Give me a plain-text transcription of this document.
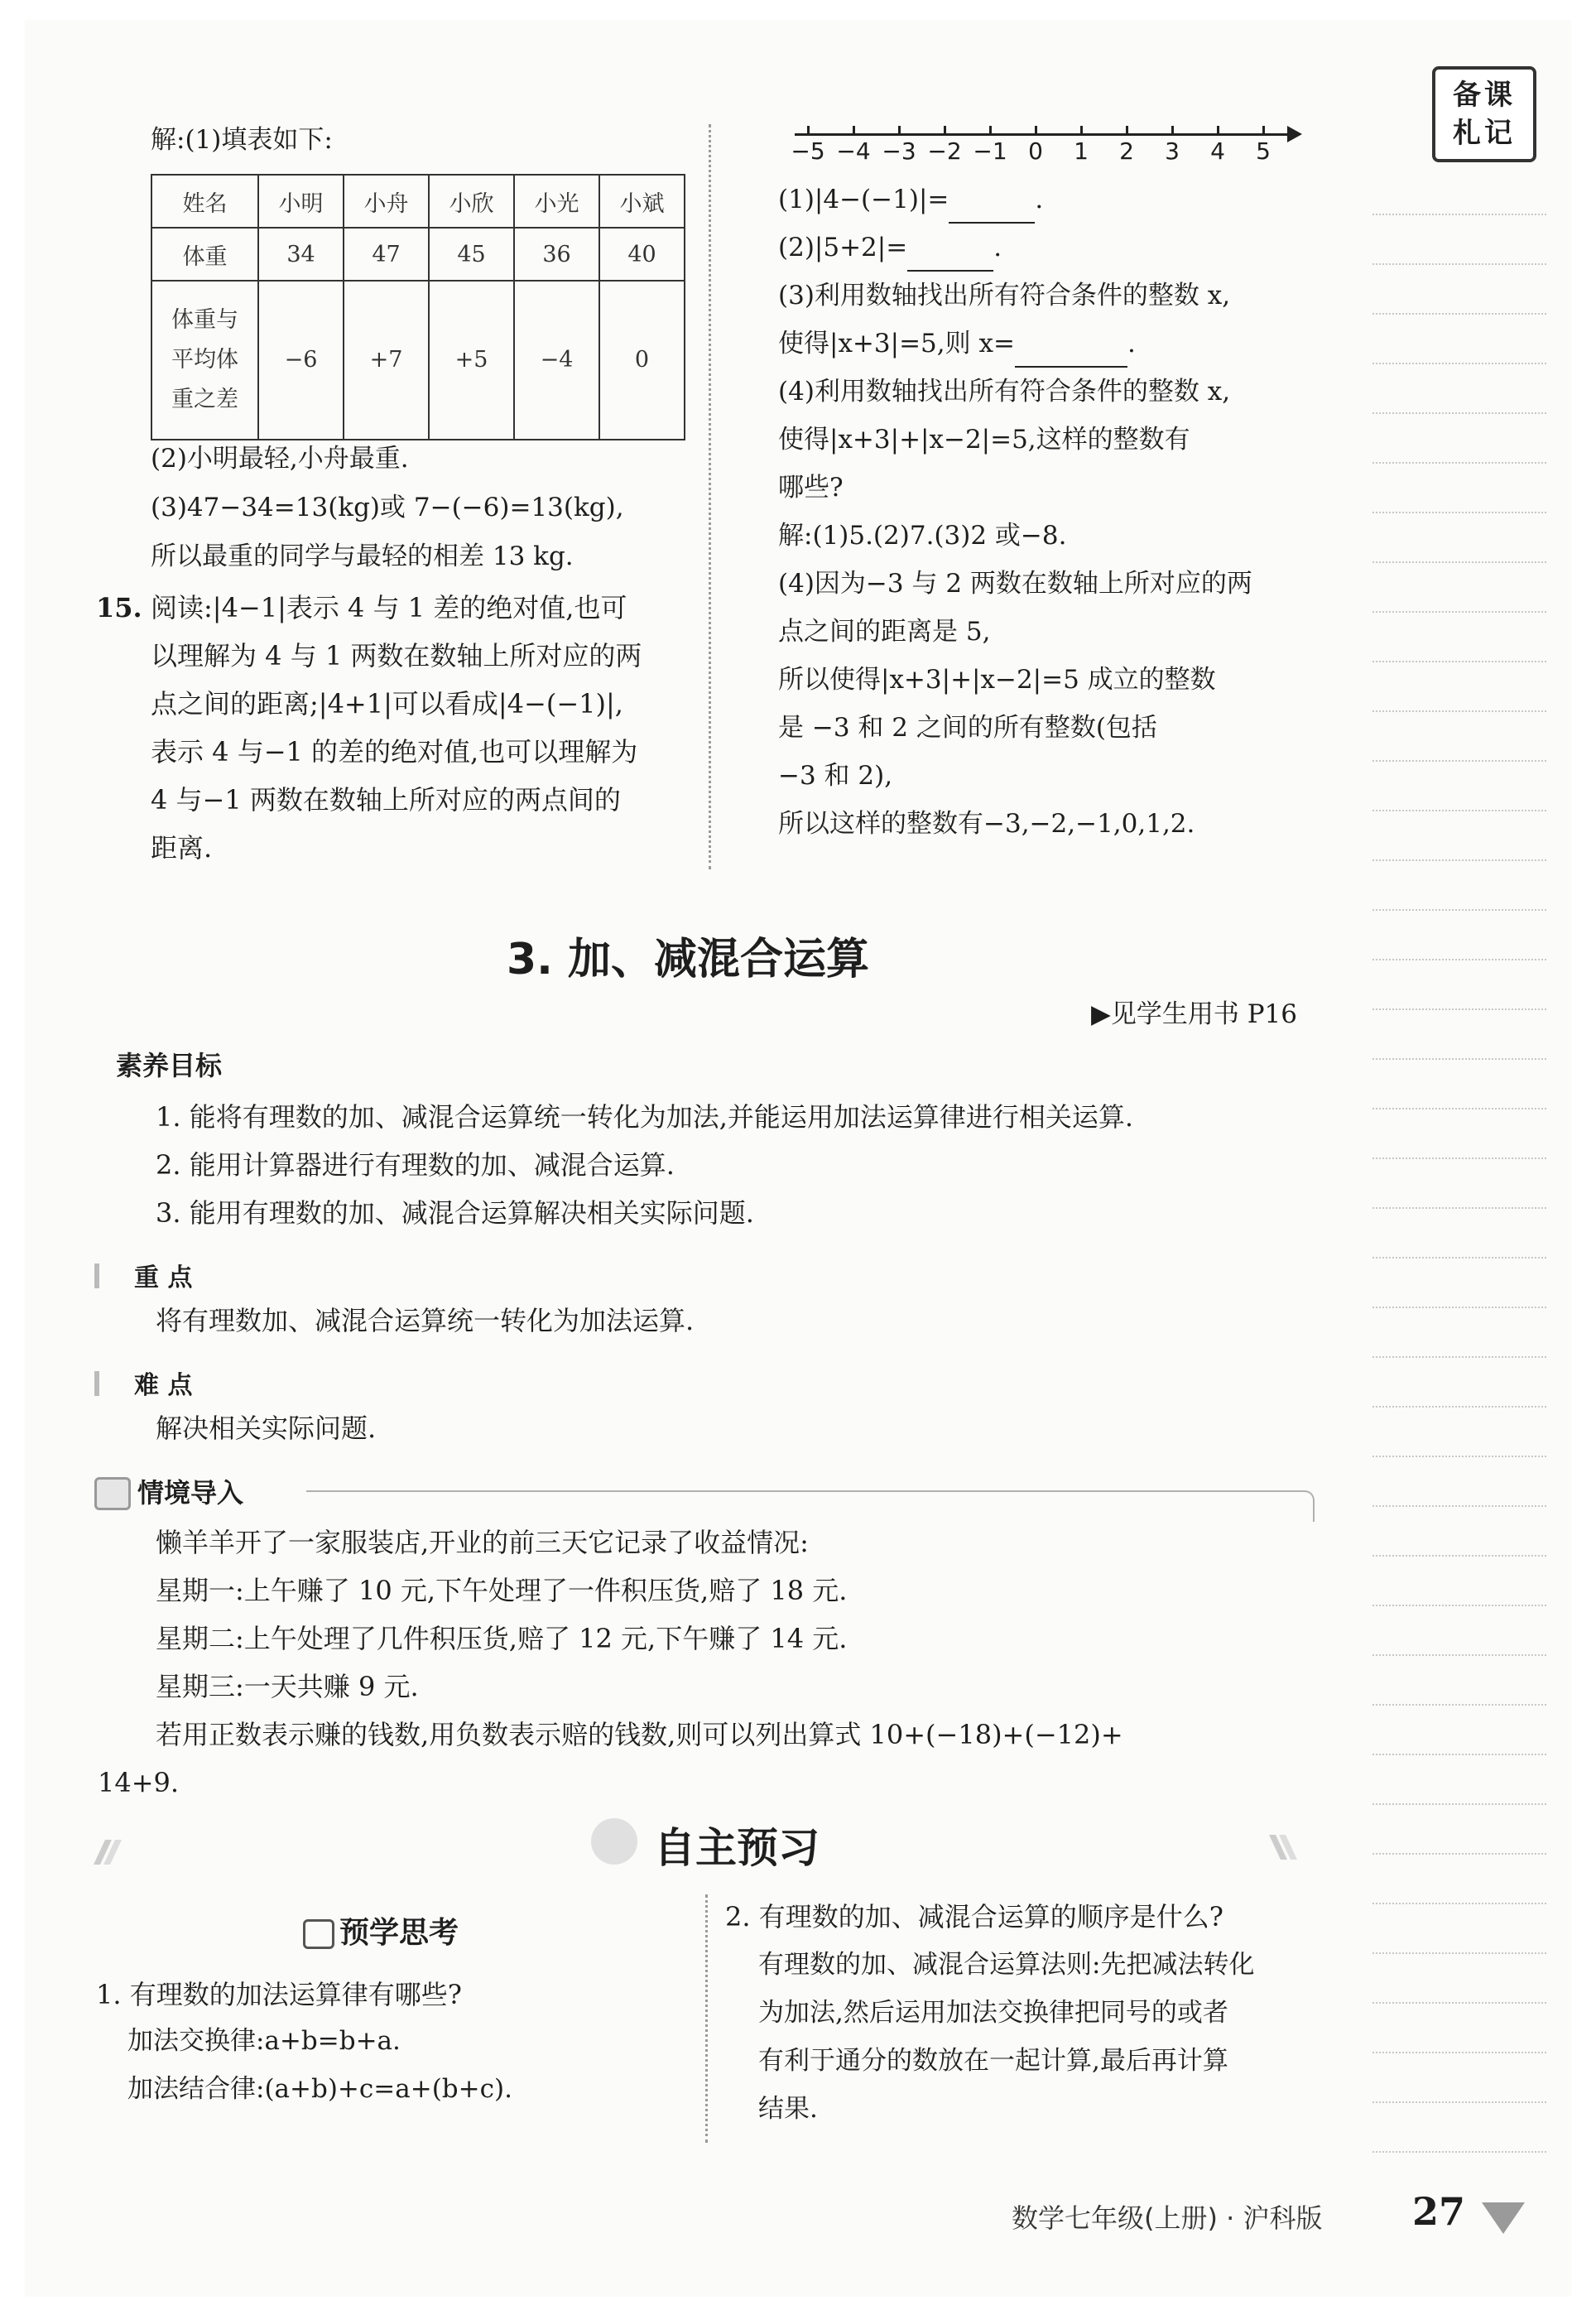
备课
札记
解:(1)填表如下:
姓名	小明	小舟	小欣	小光	小斌
体重	34	47	45	36	40

体重与
平均体
重之差	−6	+7	+5	−4	0
(2)小明最轻,小舟最重.
(3)47−34=13(kg)或 7−(−6)=13(kg),
所以最重的同学与最轻的相差 13 kg.
15. 阅读:|4−1|表示 4 与 1 差的绝对值,也可
以理解为 4 与 1 两数在数轴上所对应的两
点之间的距离;|4+1|可以看成|4−(−1)|,
表示 4 与−1 的差的绝对值,也可以理解为
4 与−1 两数在数轴上所对应的两点间的
距离.
−5 −4 −3 −2 −1 0 1 2 3 4 5
(1)|4−(−1)|=	.
(2)|5+2|=	.
(3)利用数轴找出所有符合条件的整数 x,
使得|x+3|=5,则 x=	.
(4)利用数轴找出所有符合条件的整数 x,
使得|x+3|+|x−2|=5,这样的整数有
哪些?
解:(1)5.(2)7.(3)2 或−8.
(4)因为−3 与 2 两数在数轴上所对应的两
点之间的距离是 5,
所以使得|x+3|+|x−2|=5 成立的整数
是 −3 和 2 之间的所有整数(包括
−3 和 2),
所以这样的整数有−3,−2,−1,0,1,2.
3. 加、减混合运算
▶见学生用书 P16
素养目标
1. 能将有理数的加、减混合运算统一转化为加法,并能运用加法运算律进行相关运算.
2. 能用计算器进行有理数的加、减混合运算.
3. 能用有理数的加、减混合运算解决相关实际问题.
重 点
将有理数加、减混合运算统一转化为加法运算.
难 点
解决相关实际问题.
情境导入
懒羊羊开了一家服装店,开业的前三天它记录了收益情况:
星期一:上午赚了 10 元,下午处理了一件积压货,赔了 18 元.
星期二:上午处理了几件积压货,赔了 12 元,下午赚了 14 元.
星期三:一天共赚 9 元.
若用正数表示赚的钱数,用负数表示赔的钱数,则可以列出算式 10+(−18)+(−12)+
14+9.
自主预习
预学思考
1. 有理数的加法运算律有哪些?
加法交换律:a+b=b+a.
加法结合律:(a+b)+c=a+(b+c).
2. 有理数的加、减混合运算的顺序是什么?
有理数的加、减混合运算法则:先把减法转化
为加法,然后运用加法交换律把同号的或者
有利于通分的数放在一起计算,最后再计算
结果.
数学七年级(上册) · 沪科版 27
